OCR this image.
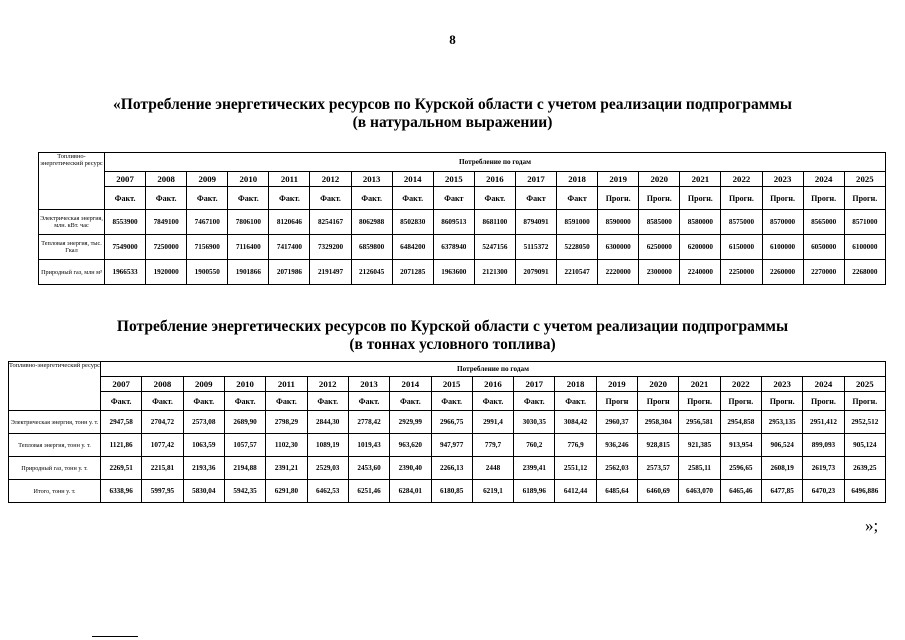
8
«Потребление энергетических ресурсов по Курской области с учетом реализации подпрограммы
(в натуральном выражении)
Топливно-энергетический ресурс	Потребление по годам																		
	2007	2008	2009	2010	2011	2012	2013	2014	2015	2016	2017	2018	2019	2020	2021	2022	2023	2024	2025
	Факт.	Факт.	Факт.	Факт.	Факт.	Факт.	Факт.	Факт.	Факт	Факт.	Факт	Факт	Прогн.	Прогн.	Прогн.	Прогн.	Прогн.	Прогн.	Прогн.
Электрическая энергия, млн. кВт. час	8553900	7849100	7467100	7806100	8120646	8254167	8062988	8502830	8609513	8681100	8794091	8591000	8590000	8585000	8580000	8575000	8570000	8565000	8571000
Тепловая энергия, тыс. Гкал	7549000	7250000	7156900	7116400	7417400	7329200	6859800	6484200	6378940	5247156	5115372	5228050	6300000	6250000	6200000	6150000	6100000	6050000	6100000
Природный газ, млн м³	1966533	1920000	1900550	1901866	2071986	2191497	2126045	2071285	1963600	2121300	2079091	2210547	2220000	2300000	2240000	2250000	2260000	2270000	2268000
Потребление энергетических ресурсов по Курской области с учетом реализации подпрограммы
(в тоннах условного топлива)
Топливно-энергетический ресурс	Потребление по годам																		
	2007	2008	2009	2010	2011	2012	2013	2014	2015	2016	2017	2018	2019	2020	2021	2022	2023	2024	2025
	Факт.	Факт.	Факт.	Факт.	Факт.	Факт.	Факт.	Факт.	Факт.	Факт.	Факт.	Факт.	Прогн	Прогн	Прогн.	Прогн.	Прогн.	Прогн.	Прогн.
Электрическая энергия, тонн у. т.	2947,58	2704,72	2573,08	2689,90	2798,29	2844,30	2778,42	2929,99	2966,75	2991,4	3030,35	3084,42	2960,37	2958,304	2956,581	2954,858	2953,135	2951,412	2952,512
Тепловая энергия, тонн у. т.	1121,86	1077,42	1063,59	1057,57	1102,30	1089,19	1019,43	963,620	947,977	779,7	760,2	776,9	936,246	928,815	921,385	913,954	906,524	899,093	905,124
Природный газ, тонн у. т.	2269,51	2215,81	2193,36	2194,88	2391,21	2529,03	2453,60	2390,40	2266,13	2448	2399,41	2551,12	2562,03	2573,57	2585,11	2596,65	2608,19	2619,73	2639,25
Итого, тонн у. т.	6338,96	5997,95	5830,04	5942,35	6291,80	6462,53	6251,46	6284,01	6180,85	6219,1	6189,96	6412,44	6485,64	6460,69	6463,070	6465,46	6477,85	6470,23	6496,886
»;
